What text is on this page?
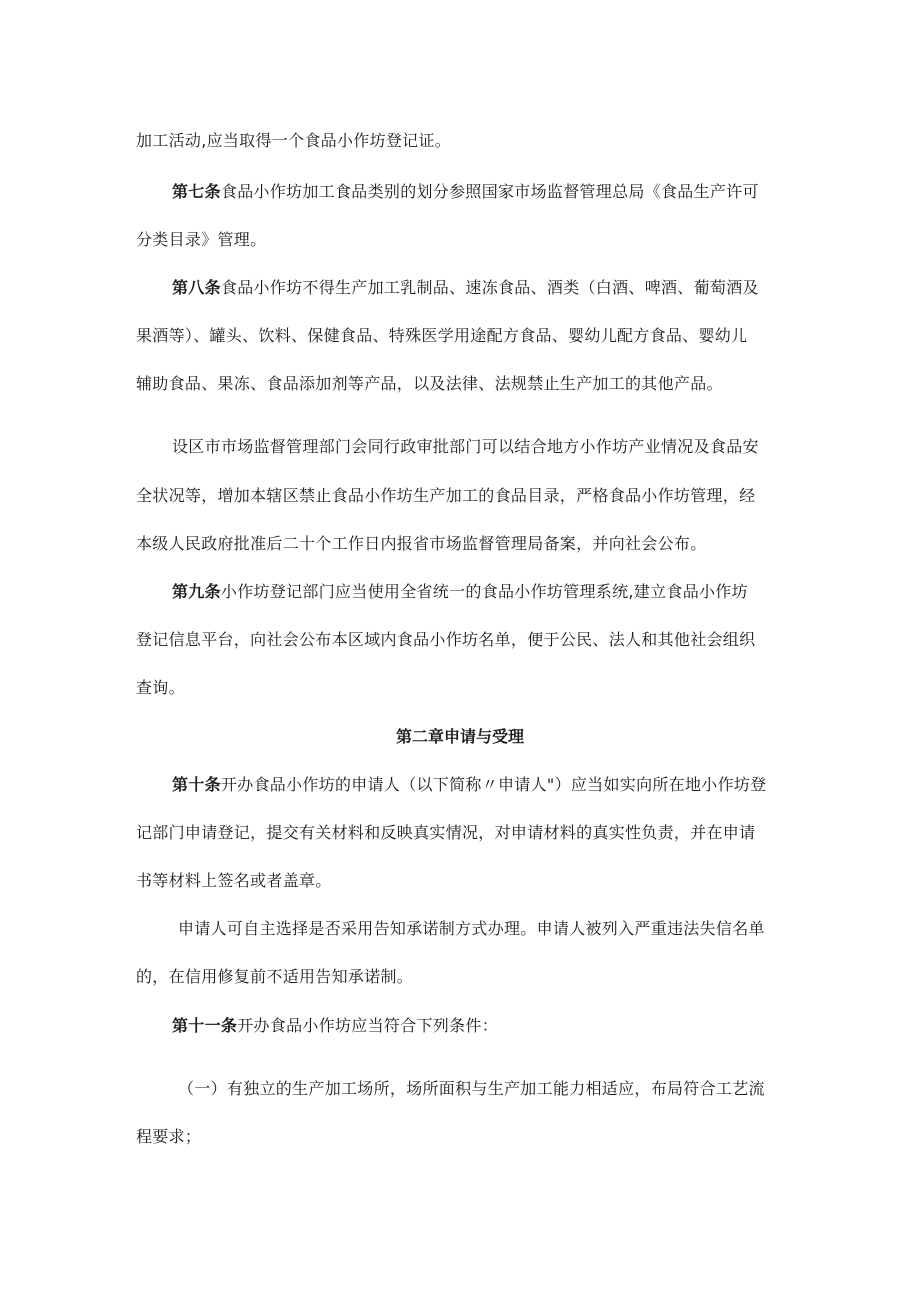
加工活动,应当取得一个食品小作坊登记证。
第七条食品小作坊加工食品类别的划分参照国家市场监督管理总局《食品生产许可
分类目录》管理。
第八条食品小作坊不得生产加工乳制品、速冻食品、酒类（白酒、啤酒、葡萄酒及
果酒等）、罐头、饮料、保健食品、特殊医学用途配方食品、婴幼儿配方食品、婴幼儿
辅助食品、果冻、食品添加剂等产品，以及法律、法规禁止生产加工的其他产品。
设区市市场监督管理部门会同行政审批部门可以结合地方小作坊产业情况及食品安
全状况等，增加本辖区禁止食品小作坊生产加工的食品目录，严格食品小作坊管理，经
本级人民政府批准后二十个工作日内报省市场监督管理局备案，并向社会公布。
第九条小作坊登记部门应当使用全省统一的食品小作坊管理系统,建立食品小作坊
登记信息平台，向社会公布本区域内食品小作坊名单，便于公民、法人和其他社会组织
查询。
第二章申请与受理
第十条开办食品小作坊的申请人（以下简称〃申请人"）应当如实向所在地小作坊登
记部门申请登记，提交有关材料和反映真实情况，对申请材料的真实性负责，并在申请
书等材料上签名或者盖章。
申请人可自主选择是否采用告知承诺制方式办理。申请人被列入严重违法失信名单
的，在信用修复前不适用告知承诺制。
第十一条开办食品小作坊应当符合下列条件：
（一）有独立的生产加工场所，场所面积与生产加工能力相适应，布局符合工艺流
程要求；
